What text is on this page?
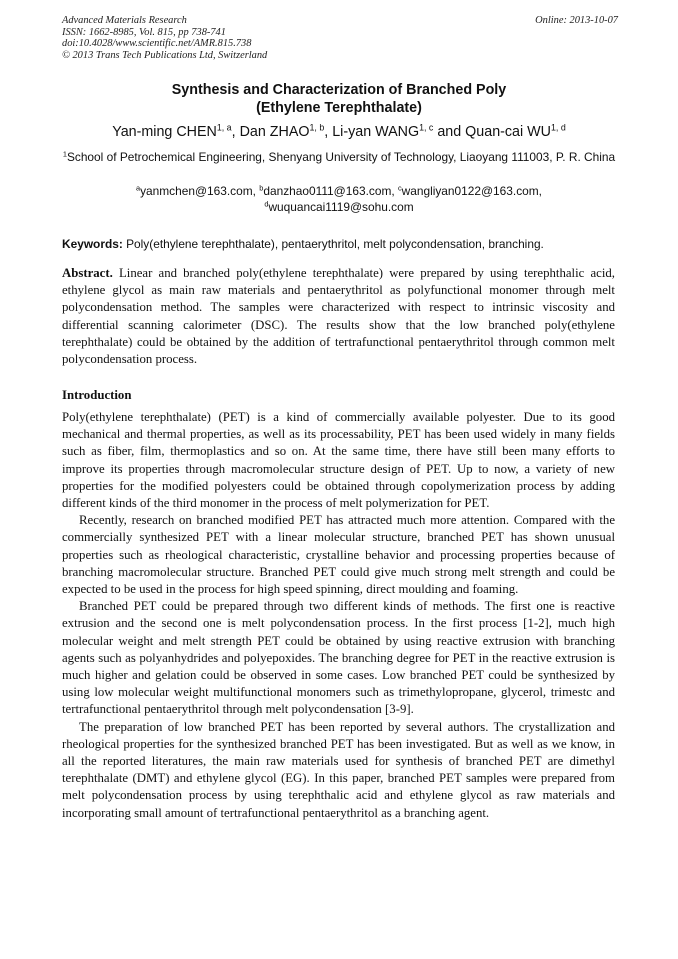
Advanced Materials Research
ISSN: 1662-8985, Vol. 815, pp 738-741
doi:10.4028/www.scientific.net/AMR.815.738
© 2013 Trans Tech Publications Ltd, Switzerland
Online: 2013-10-07
Synthesis and Characterization of Branched Poly
(Ethylene Terephthalate)
Yan-ming CHEN$^{1, a}$, Dan ZHAO$^{1, b}$, Li-yan WANG$^{1, c}$ and Quan-cai WU$^{1, d}$
$^1$School of Petrochemical Engineering, Shenyang University of Technology, Liaoyang 111003, P. R. China
$^a$yanmchen@163.com, $^b$danzhao0111@163.com, $^c$wangliyan0122@163.com,
$^d$wuquancai1119@sohu.com
Keywords: Poly(ethylene terephthalate), pentaerythritol, melt polycondensation, branching.
Abstract. Linear and branched poly(ethylene terephthalate) were prepared by using terephthalic acid, ethylene glycol as main raw materials and pentaerythritol as polyfunctional monomer through melt polycondensation method. The samples were characterized with respect to intrinsic viscosity and differential scanning calorimeter (DSC). The results show that the low branched poly(ethylene terephthalate) could be obtained by the addition of tertrafunctional pentaerythritol through common melt polycondensation process.
Introduction

Poly(ethylene terephthalate) (PET) is a kind of commercially available polyester. Due to its good mechanical and thermal properties, as well as its processability, PET has been used widely in many fields such as fiber, film, thermoplastics and so on. At the same time, there have still been many efforts to improve its properties through macromolecular structure design of PET. Up to now, a variety of new properties for the modified polyesters could be obtained through copolymerization process by adding different kinds of the third monomer in the process of melt polymerization for PET.

Recently, research on branched modified PET has attracted much more attention. Compared with the commercially synthesized PET with a linear molecular structure, branched PET has shown unusual properties such as rheological characteristic, crystalline behavior and processing properties because of branching macromolecular structure. Branched PET could give much strong melt strength and could be expected to be used in the process for high speed spinning, direct moulding and foaming.

Branched PET could be prepared through two different kinds of methods. The first one is reactive extrusion and the second one is melt polycondensation process. In the first process [1-2], much high molecular weight and melt strength PET could be obtained by using reactive extrusion with branching agents such as polyanhydrides and polyepoxides. The branching degree for PET in the reactive extrusion is much higher and gelation could be observed in some cases. Low branched PET could be synthesized by using low molecular weight multifunctional monomers such as trimethylopropane, glycerol, trimestc and tertrafunctional pentaerythritol through melt polycondensation [3-9].

The preparation of low branched PET has been reported by several authors. The crystallization and rheological properties for the synthesized branched PET has been investigated. But as well as we know, in all the reported literatures, the main raw materials used for synthesis of branched PET are dimethyl terephthalate (DMT) and ethylene glycol (EG). In this paper, branched PET samples were prepared from melt polycondensation process by using terephthalic acid and ethylene glycol as raw materials and incorporating small amount of tertrafunctional pentaerythritol as a branching agent.
